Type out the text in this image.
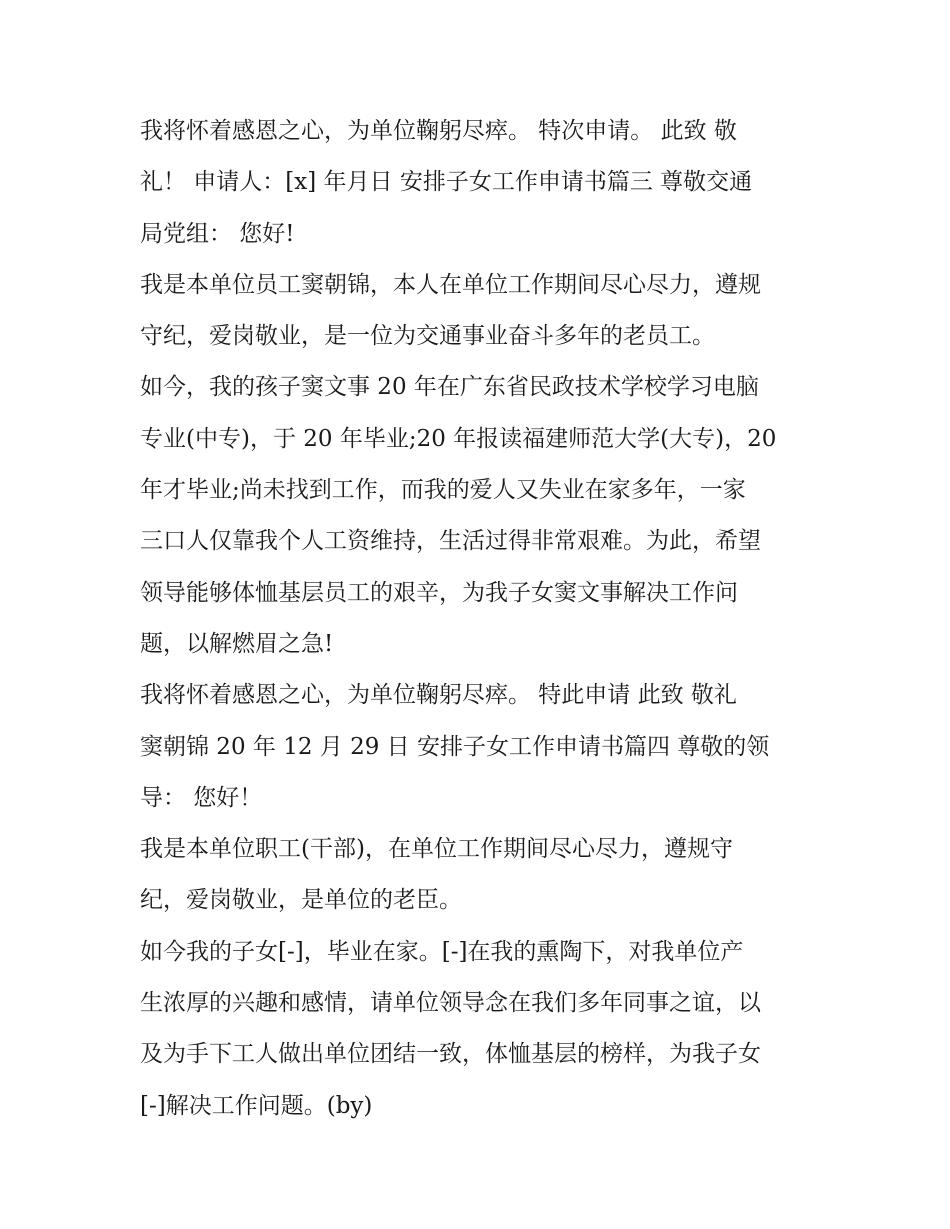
我将怀着感恩之心，为单位鞠躬尽瘁。 特次申请。 此致 敬
礼！ 申请人：[x] 年月日 安排子女工作申请书篇三 尊敬交通
局党组： 您好!
我是本单位员工窦朝锦，本人在单位工作期间尽心尽力，遵规
守纪，爱岗敬业，是一位为交通事业奋斗多年的老员工。
如今，我的孩子窦文事 20 年在广东省民政技术学校学习电脑
专业(中专)，于 20 年毕业;20 年报读福建师范大学(大专)，20
年才毕业;尚未找到工作，而我的爱人又失业在家多年，一家
三口人仅靠我个人工资维持，生活过得非常艰难。为此，希望
领导能够体恤基层员工的艰辛，为我子女窦文事解决工作问
题，以解燃眉之急!
我将怀着感恩之心，为单位鞠躬尽瘁。 特此申请 此致 敬礼
窦朝锦 20 年 12 月 29 日 安排子女工作申请书篇四 尊敬的领
导： 您好！
我是本单位职工(干部)，在单位工作期间尽心尽力，遵规守
纪，爱岗敬业，是单位的老臣。
如今我的子女[-]，毕业在家。[-]在我的熏陶下，对我单位产
生浓厚的兴趣和感情，请单位领导念在我们多年同事之谊，以
及为手下工人做出单位团结一致，体恤基层的榜样，为我子女
[-]解决工作问题。(by)
